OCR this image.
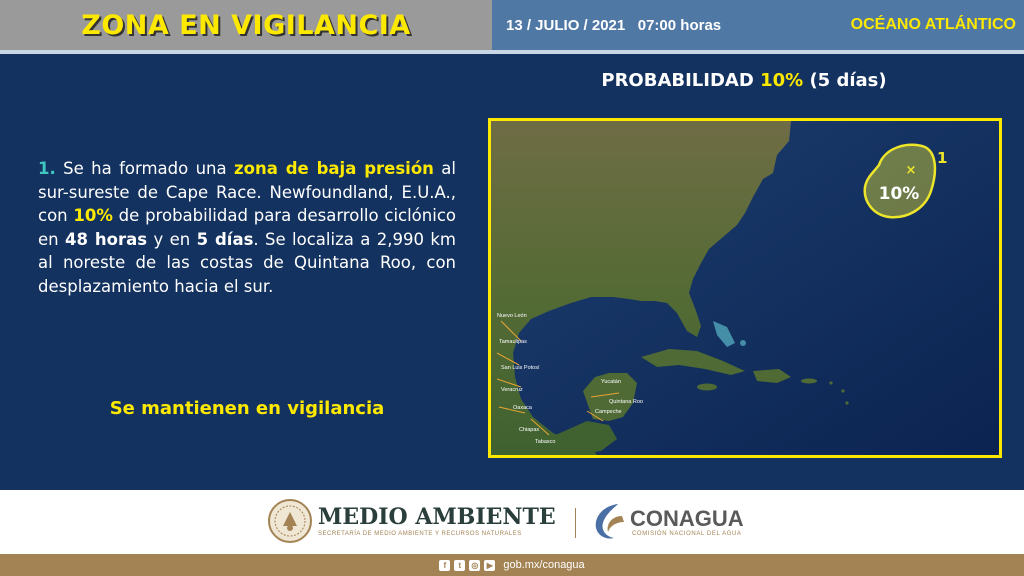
ZONA EN VIGILANCIA	13 / JULIO / 2021 07:00 horas	OCÉANO ATLÁNTICO
PROBABILIDAD 10% (5 días)
1. Se ha formado una zona de baja presión al sur-sureste de Cape Race. Newfoundland, E.U.A., con 10% de probabilidad para desarrollo ciclónico en 48 horas y en 5 días. Se localiza a 2,990 km al noreste de las costas de Quintana Roo, con desplazamiento hacia el sur.
Se mantienen en vigilancia
×
10%
1
Nuevo León
Tamaulipas
San Luis Potosí
Veracruz
Oaxaca
Chiapas
Tabasco
Campeche
Yucatán
Quintana Roo
MEDIO AMBIENTE
SECRETARÍA DE MEDIO AMBIENTE Y RECURSOS NATURALES
CONAGUA
COMISIÓN NACIONAL DEL AGUA
f	t	◎	▶ gob.mx/conagua
